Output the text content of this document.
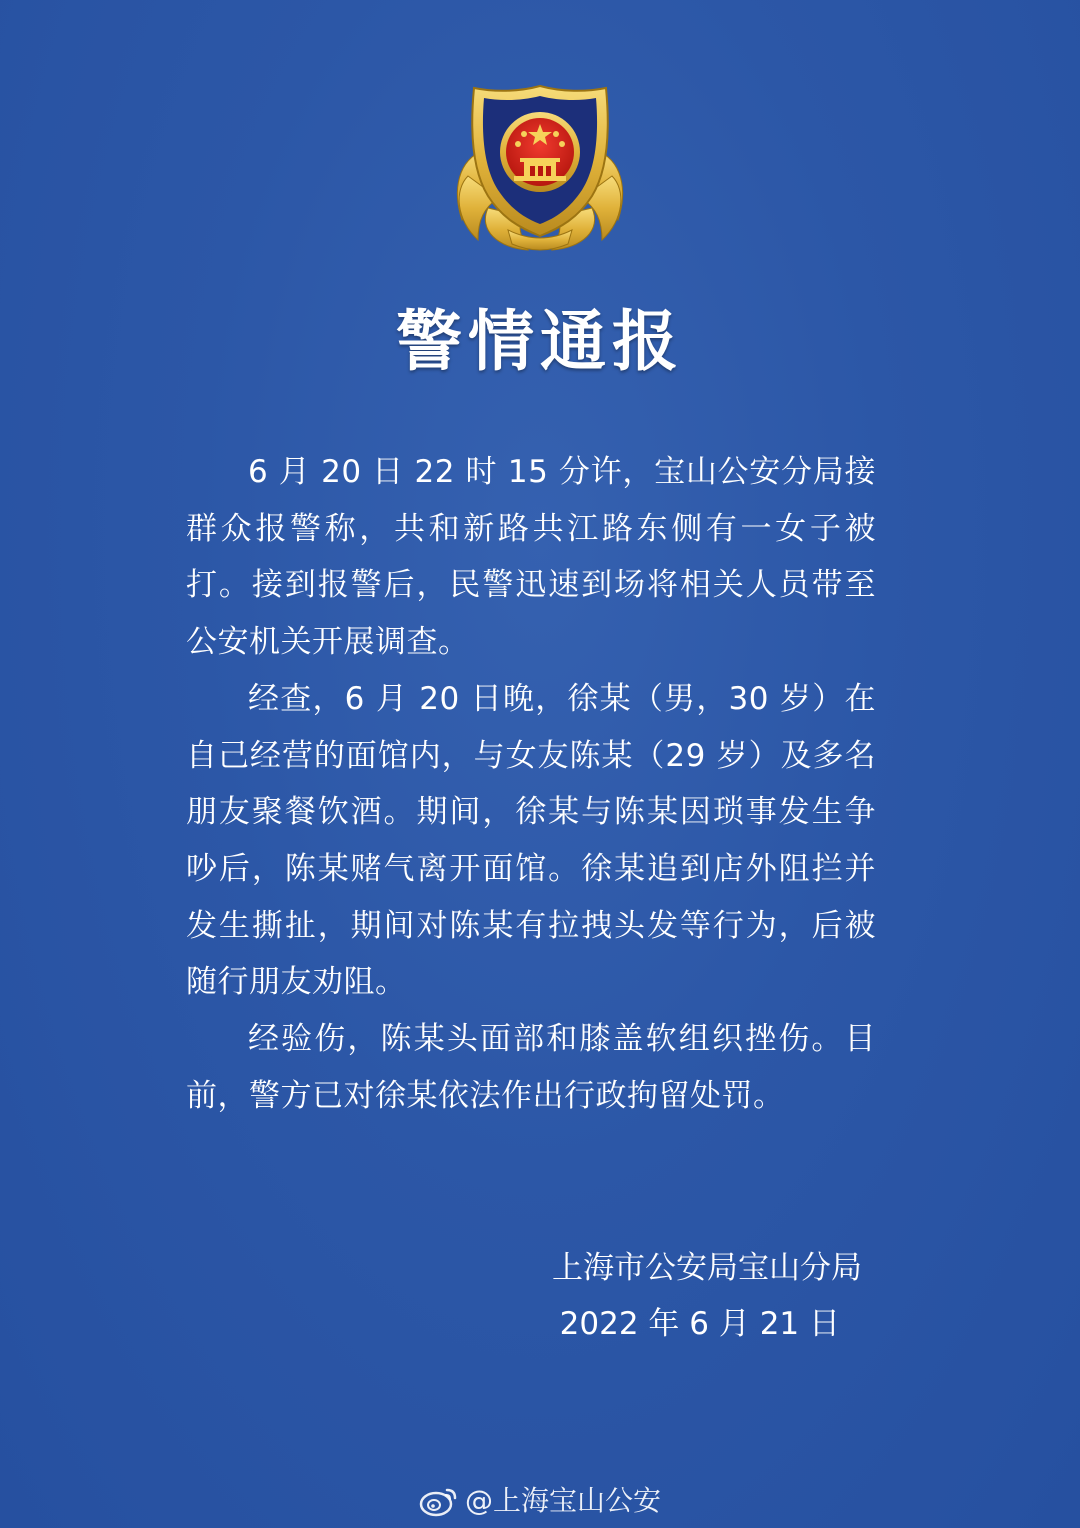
警情通报

6 月 20 日 22 时 15 分许，宝山公安分局接群众报警称，共和新路共江路东侧有一女子被打。接到报警后，民警迅速到场将相关人员带至公安机关开展调查。

经查，6 月 20 日晚，徐某（男，30 岁）在自己经营的面馆内，与女友陈某（29 岁）及多名朋友聚餐饮酒。期间，徐某与陈某因琐事发生争吵后，陈某赌气离开面馆。徐某追到店外阻拦并发生撕扯，期间对陈某有拉拽头发等行为，后被随行朋友劝阻。

经验伤，陈某头面部和膝盖软组织挫伤。目前，警方已对徐某依法作出行政拘留处罚。

上海市公安局宝山分局
2022 年 6 月 21 日
@上海宝山公安
